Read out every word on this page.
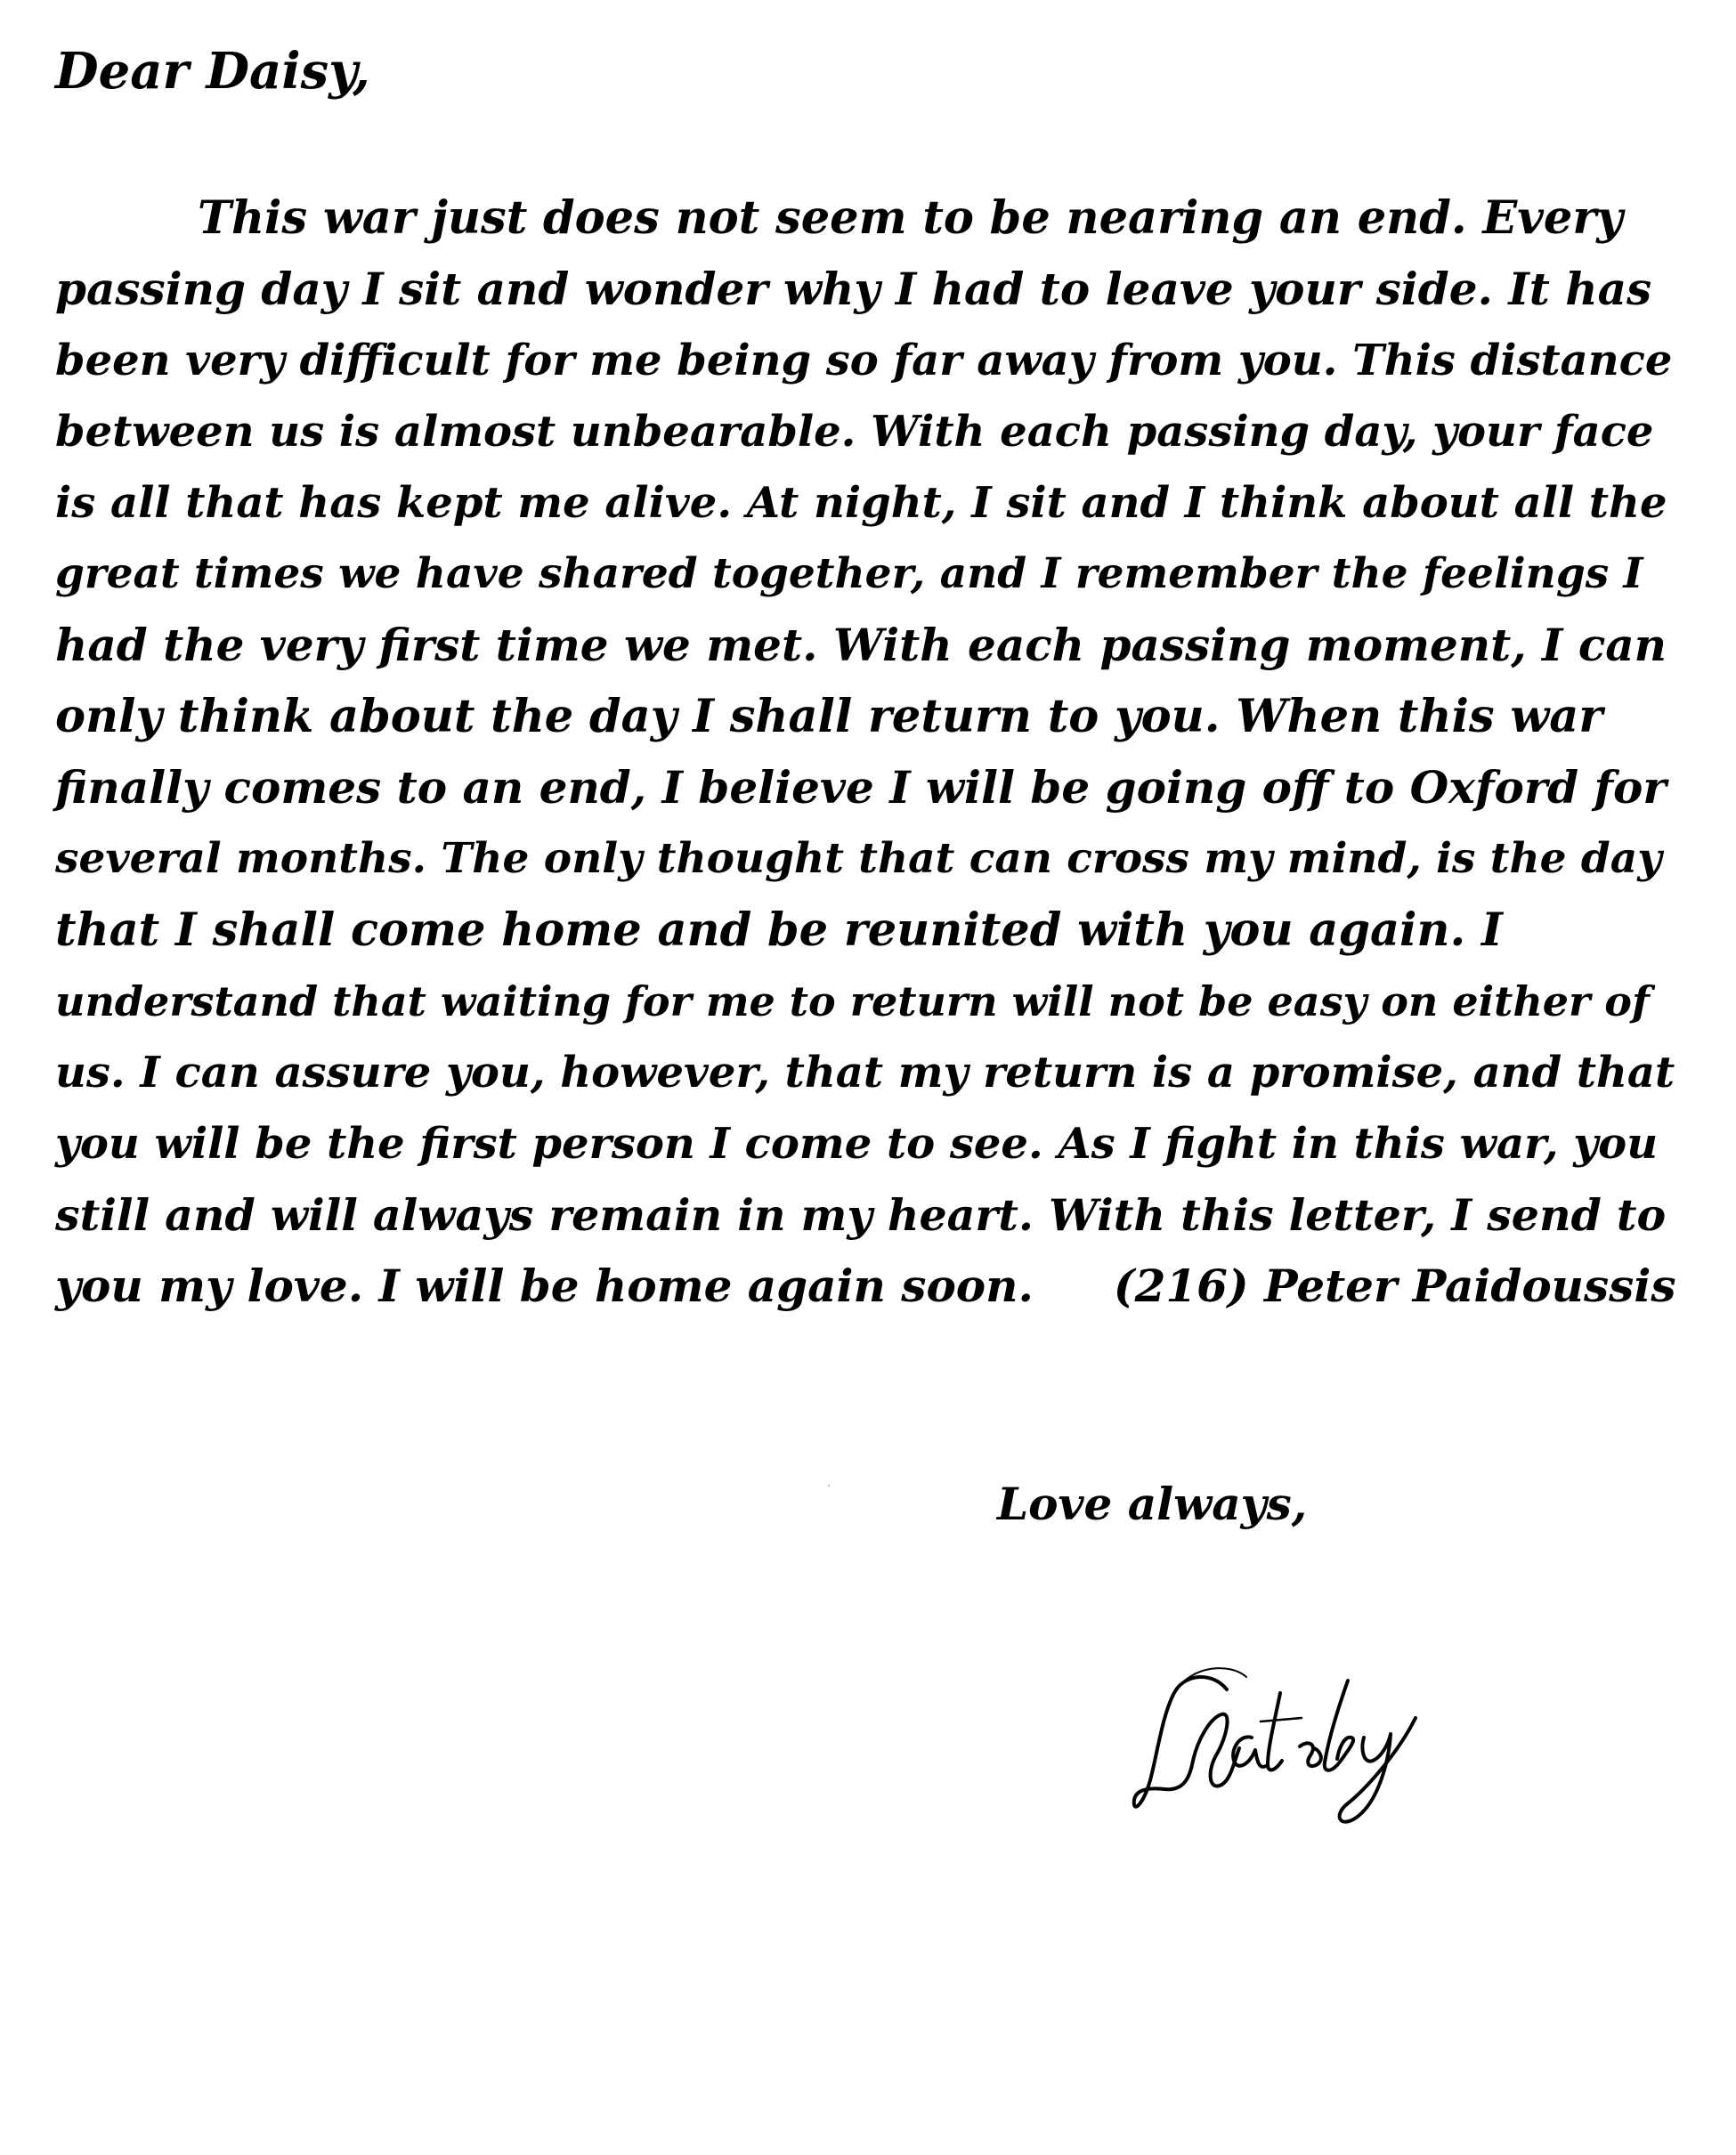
Dear Daisy,
This war just does not seem to be nearing an end. Every
passing day I sit and wonder why I had to leave your side. It has
been very difficult for me being so far away from you. This distance
between us is almost unbearable. With each passing day, your face
is all that has kept me alive. At night, I sit and I think about all the
great times we have shared together, and I remember the feelings I
had the very first time we met. With each passing moment, I can
only think about the day I shall return to you. When this war
finally comes to an end, I believe I will be going off to Oxford for
several months. The only thought that can cross my mind, is the day
that I shall come home and be reunited with you again. I
understand that waiting for me to return will not be easy on either of
us. I can assure you, however, that my return is a promise, and that
you will be the first person I come to see. As I fight in this war, you
still and will always remain in my heart. With this letter, I send to
you my love. I will be home again soon. (216) Peter Paidoussis
Love always,
